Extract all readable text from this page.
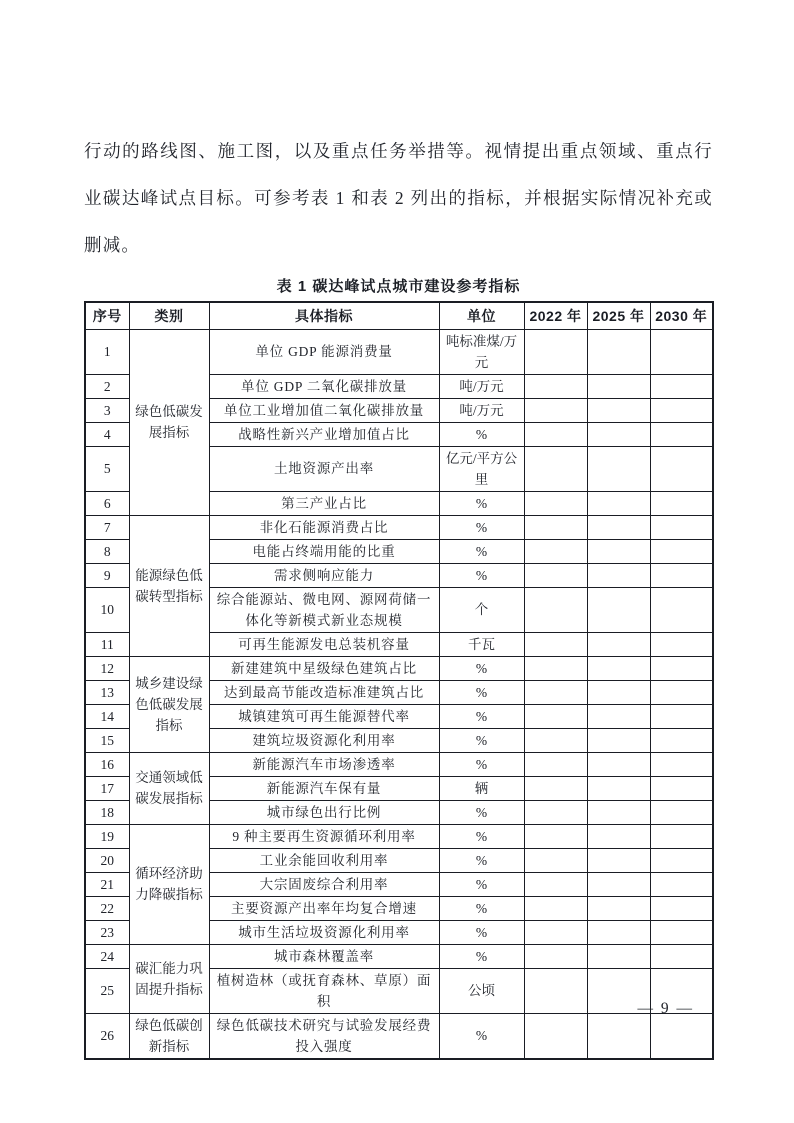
行动的路线图、施工图，以及重点任务举措等。视情提出重点领域、重点行业碳达峰试点目标。可参考表 1 和表 2 列出的指标，并根据实际情况补充或删减。
表 1 碳达峰试点城市建设参考指标
序号	类别	具体指标	单位	2022 年	2025 年	2030 年
1	绿色低碳发展指标	单位 GDP 能源消费量	吨标准煤/万元			
2		单位 GDP 二氧化碳排放量	吨/万元			
3		单位工业增加值二氧化碳排放量	吨/万元			
4		战略性新兴产业增加值占比	%			
5		土地资源产出率	亿元/平方公里			
6		第三产业占比	%			
7	能源绿色低碳转型指标	非化石能源消费占比	%			
8		电能占终端用能的比重	%			
9		需求侧响应能力	%			
10		综合能源站、微电网、源网荷储一体化等新模式新业态规模	个			
11		可再生能源发电总装机容量	千瓦			
12	城乡建设绿色低碳发展指标	新建建筑中星级绿色建筑占比	%			
13		达到最高节能改造标准建筑占比	%			
14		城镇建筑可再生能源替代率	%			
15		建筑垃圾资源化利用率	%			
16	交通领域低碳发展指标	新能源汽车市场渗透率	%			
17		新能源汽车保有量	辆			
18		城市绿色出行比例	%			
19	循环经济助力降碳指标	9 种主要再生资源循环利用率	%			
20		工业余能回收利用率	%			
21		大宗固废综合利用率	%			
22		主要资源产出率年均复合增速	%			
23		城市生活垃圾资源化利用率	%			
24	碳汇能力巩固提升指标	城市森林覆盖率	%			
25		植树造林（或抚育森林、草原）面积	公顷			
26	绿色低碳创新指标	绿色低碳技术研究与试验发展经费投入强度	%			
— 9 —
